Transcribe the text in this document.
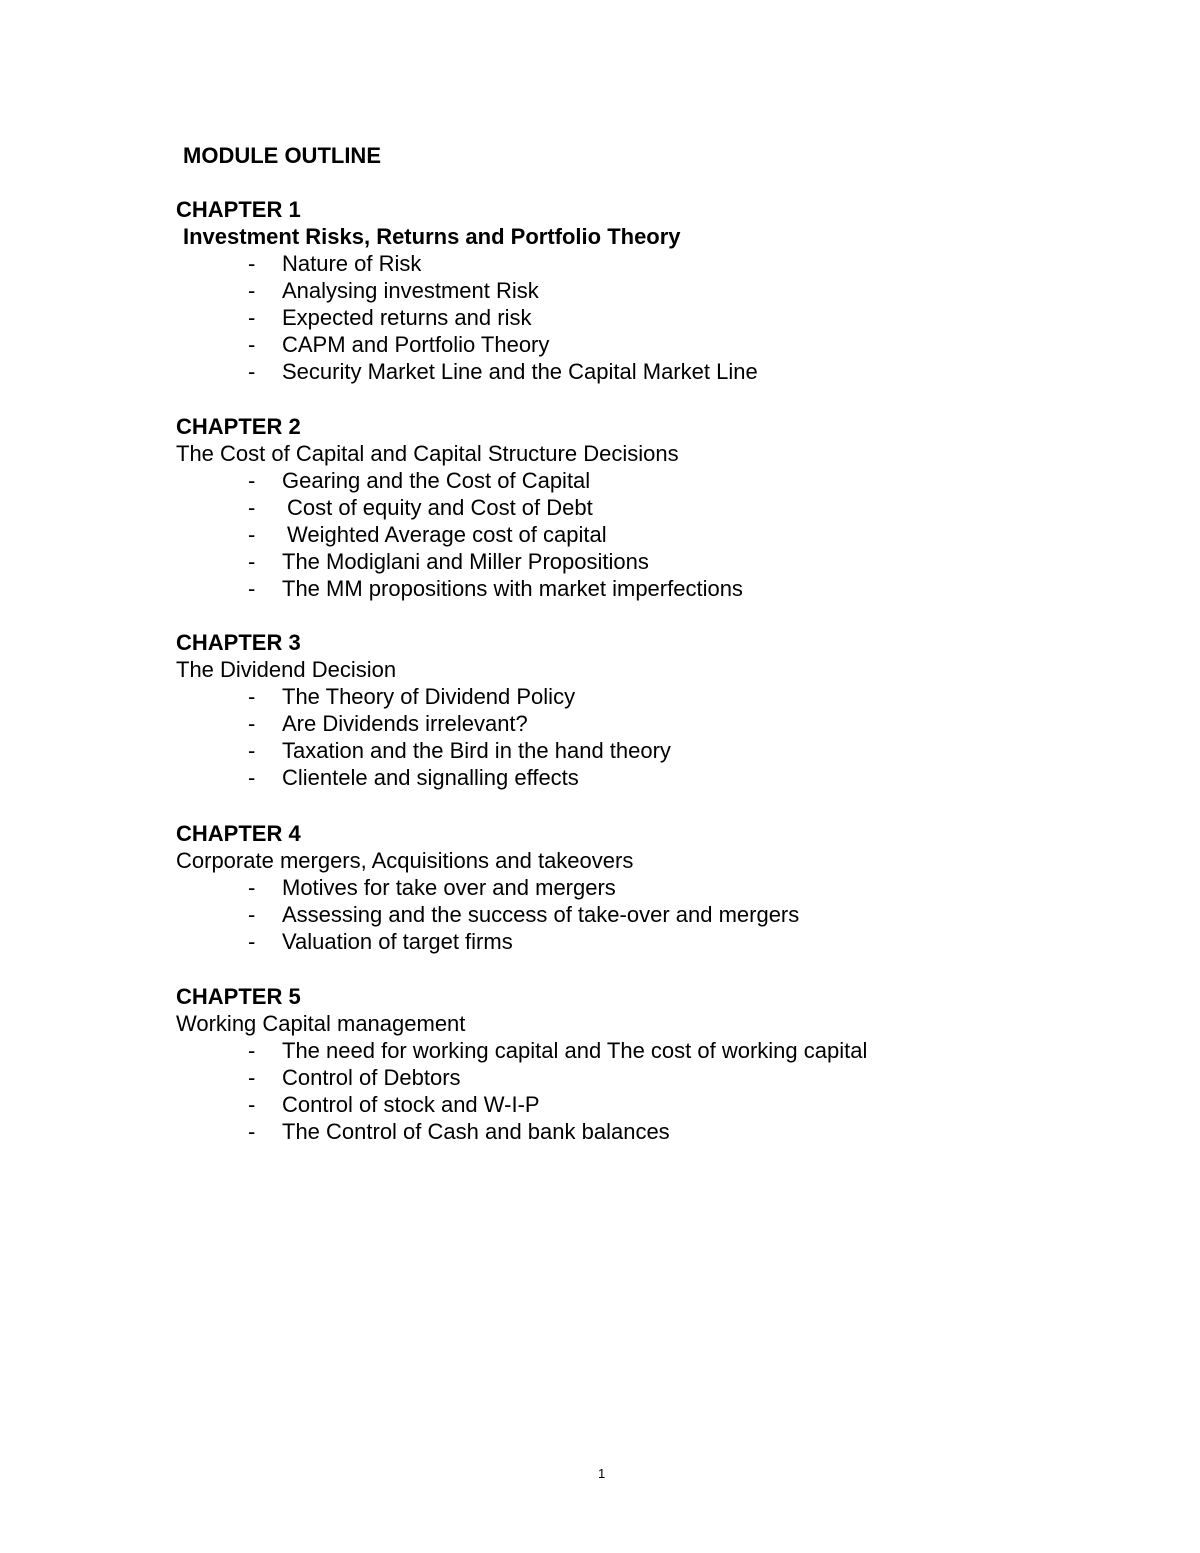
MODULE OUTLINE
CHAPTER 1
Investment Risks, Returns and Portfolio Theory
- Nature of Risk
- Analysing investment Risk
- Expected returns and risk
- CAPM and Portfolio Theory
- Security Market Line and the Capital Market Line
CHAPTER 2
The Cost of Capital and Capital Structure Decisions
- Gearing and the Cost of Capital
- Cost of equity and Cost of Debt
- Weighted Average cost of capital
- The Modiglani and Miller Propositions
- The MM propositions with market imperfections
CHAPTER 3
The Dividend Decision
- The Theory of Dividend Policy
- Are Dividends irrelevant?
- Taxation and the Bird in the hand theory
- Clientele and signalling effects
CHAPTER 4
Corporate mergers, Acquisitions and takeovers
- Motives for take over and mergers
- Assessing and the success of take-over and mergers
- Valuation of target firms
CHAPTER 5
Working Capital management
- The need for working capital and The cost of working capital
- Control of Debtors
- Control of stock and W-I-P
- The Control of Cash and bank balances
1
